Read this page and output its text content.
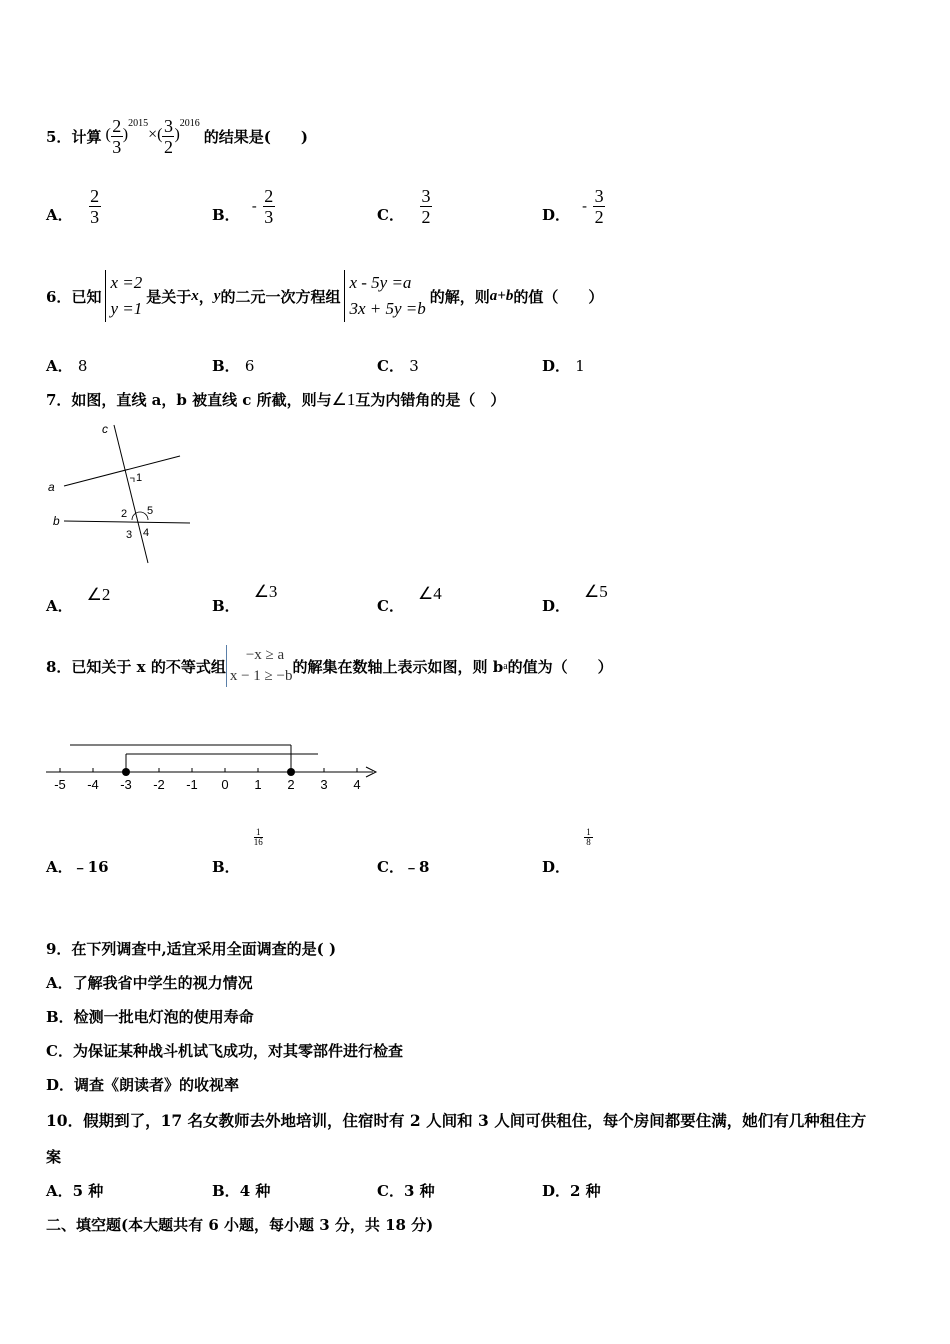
5． 计算 ( $\frac{2}{3}$ )
2015
×( $\frac{3}{2}$ )
2016
的结果是(　　)
A． $\frac{2}{3}$	B． - $\frac{2}{3}$	C． $\frac{3}{2}$	D． - $\frac{3}{2}$
6． 已知
x =2
y =1
是关于 x ， y 的二元一次方程组
x - 5y =a
3x + 5y =b
的解，则 a+b 的值（　　）
A． 8	B． 6	C． 3	D． 1
7．如图，直线 a，b 被直线 c 所截，则与∠1互为内错角的是（　）
c
a
b
1
2 5
3 4
A．
∠2
B．
∠3
C．
∠4
D．
∠5
8．已知关于 x 的不等式组
−x ≥ a
x − 1 ≥ −b
的解集在数轴上表示如图，则 b a 的值为（　　）
-5 -4 -3 -2 -1 0 1 2 3 4
A．﹣16	B．
$\frac{1}{16}$
C．﹣8	D．
$\frac{1}{8}$
9．在下列调查中,适宜采用全面调查的是( )
A．了解我省中学生的视力情况
B．检测一批电灯泡的使用寿命
C．为保证某种战斗机试飞成功，对其零部件进行检查
D．调查《朗读者》的收视率
10．假期到了，17 名女教师去外地培训，住宿时有 2 人间和 3 人间可供租住，每个房间都要住满，她们有几种租住方
案
A．5 种	B．4 种	C．3 种	D．2 种
二、填空题(本大题共有 6 小题，每小题 3 分，共 18 分)
